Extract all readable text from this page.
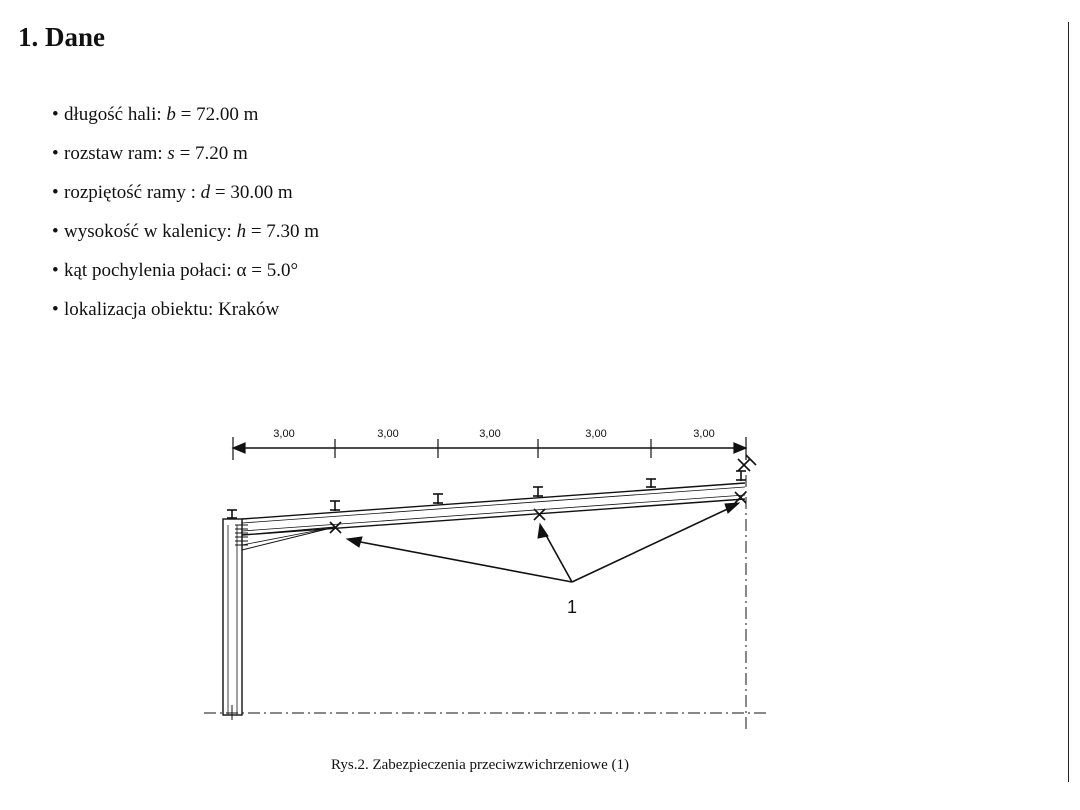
1. Dane
• długość hali: b = 72.00 m
• rozstaw ram: s = 7.20 m
• rozpiętość ramy : d = 30.00 m
• wysokość w kalenicy: h = 7.30 m
• kąt pochylenia połaci: α = 5.0°
• lokalizacja obiektu: Kraków
3,00	3,00	3,00	3,00	3,00
1
Rys.2. Zabezpieczenia przeciwzwichrzeniowe (1)
